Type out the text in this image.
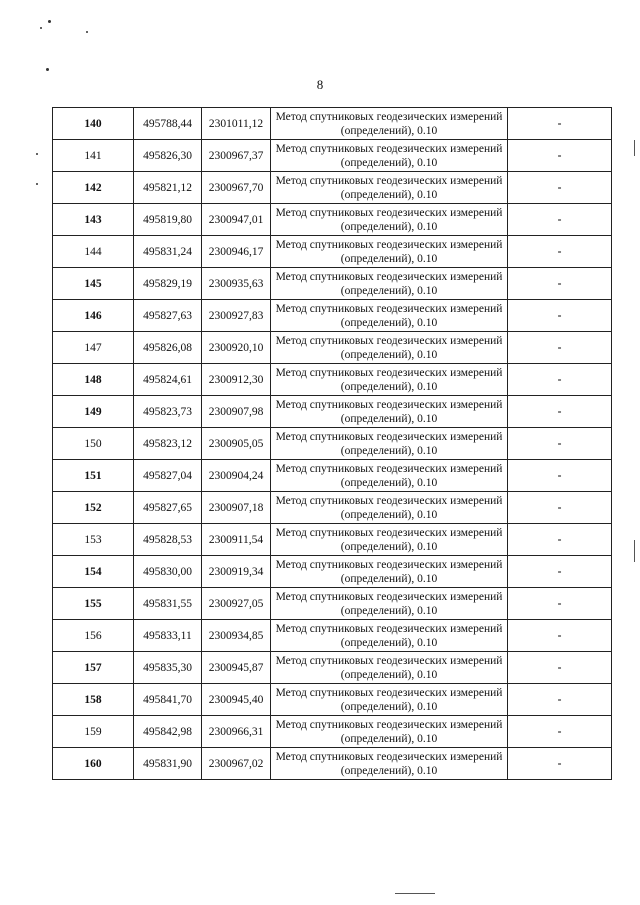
8
140	495788,44	2301011,12	Метод спутниковых геодезических измерений (определений), 0.10	-
141	495826,30	2300967,37	Метод спутниковых геодезических измерений (определений), 0.10	-
142	495821,12	2300967,70	Метод спутниковых геодезических измерений (определений), 0.10	-
143	495819,80	2300947,01	Метод спутниковых геодезических измерений (определений), 0.10	-
144	495831,24	2300946,17	Метод спутниковых геодезических измерений (определений), 0.10	-
145	495829,19	2300935,63	Метод спутниковых геодезических измерений (определений), 0.10	-
146	495827,63	2300927,83	Метод спутниковых геодезических измерений (определений), 0.10	-
147	495826,08	2300920,10	Метод спутниковых геодезических измерений (определений), 0.10	-
148	495824,61	2300912,30	Метод спутниковых геодезических измерений (определений), 0.10	-
149	495823,73	2300907,98	Метод спутниковых геодезических измерений (определений), 0.10	-
150	495823,12	2300905,05	Метод спутниковых геодезических измерений (определений), 0.10	-
151	495827,04	2300904,24	Метод спутниковых геодезических измерений (определений), 0.10	-
152	495827,65	2300907,18	Метод спутниковых геодезических измерений (определений), 0.10	-
153	495828,53	2300911,54	Метод спутниковых геодезических измерений (определений), 0.10	-
154	495830,00	2300919,34	Метод спутниковых геодезических измерений (определений), 0.10	-
155	495831,55	2300927,05	Метод спутниковых геодезических измерений (определений), 0.10	-
156	495833,11	2300934,85	Метод спутниковых геодезических измерений (определений), 0.10	-
157	495835,30	2300945,87	Метод спутниковых геодезических измерений (определений), 0.10	-
158	495841,70	2300945,40	Метод спутниковых геодезических измерений (определений), 0.10	-
159	495842,98	2300966,31	Метод спутниковых геодезических измерений (определений), 0.10	-
160	495831,90	2300967,02	Метод спутниковых геодезических измерений (определений), 0.10	-
